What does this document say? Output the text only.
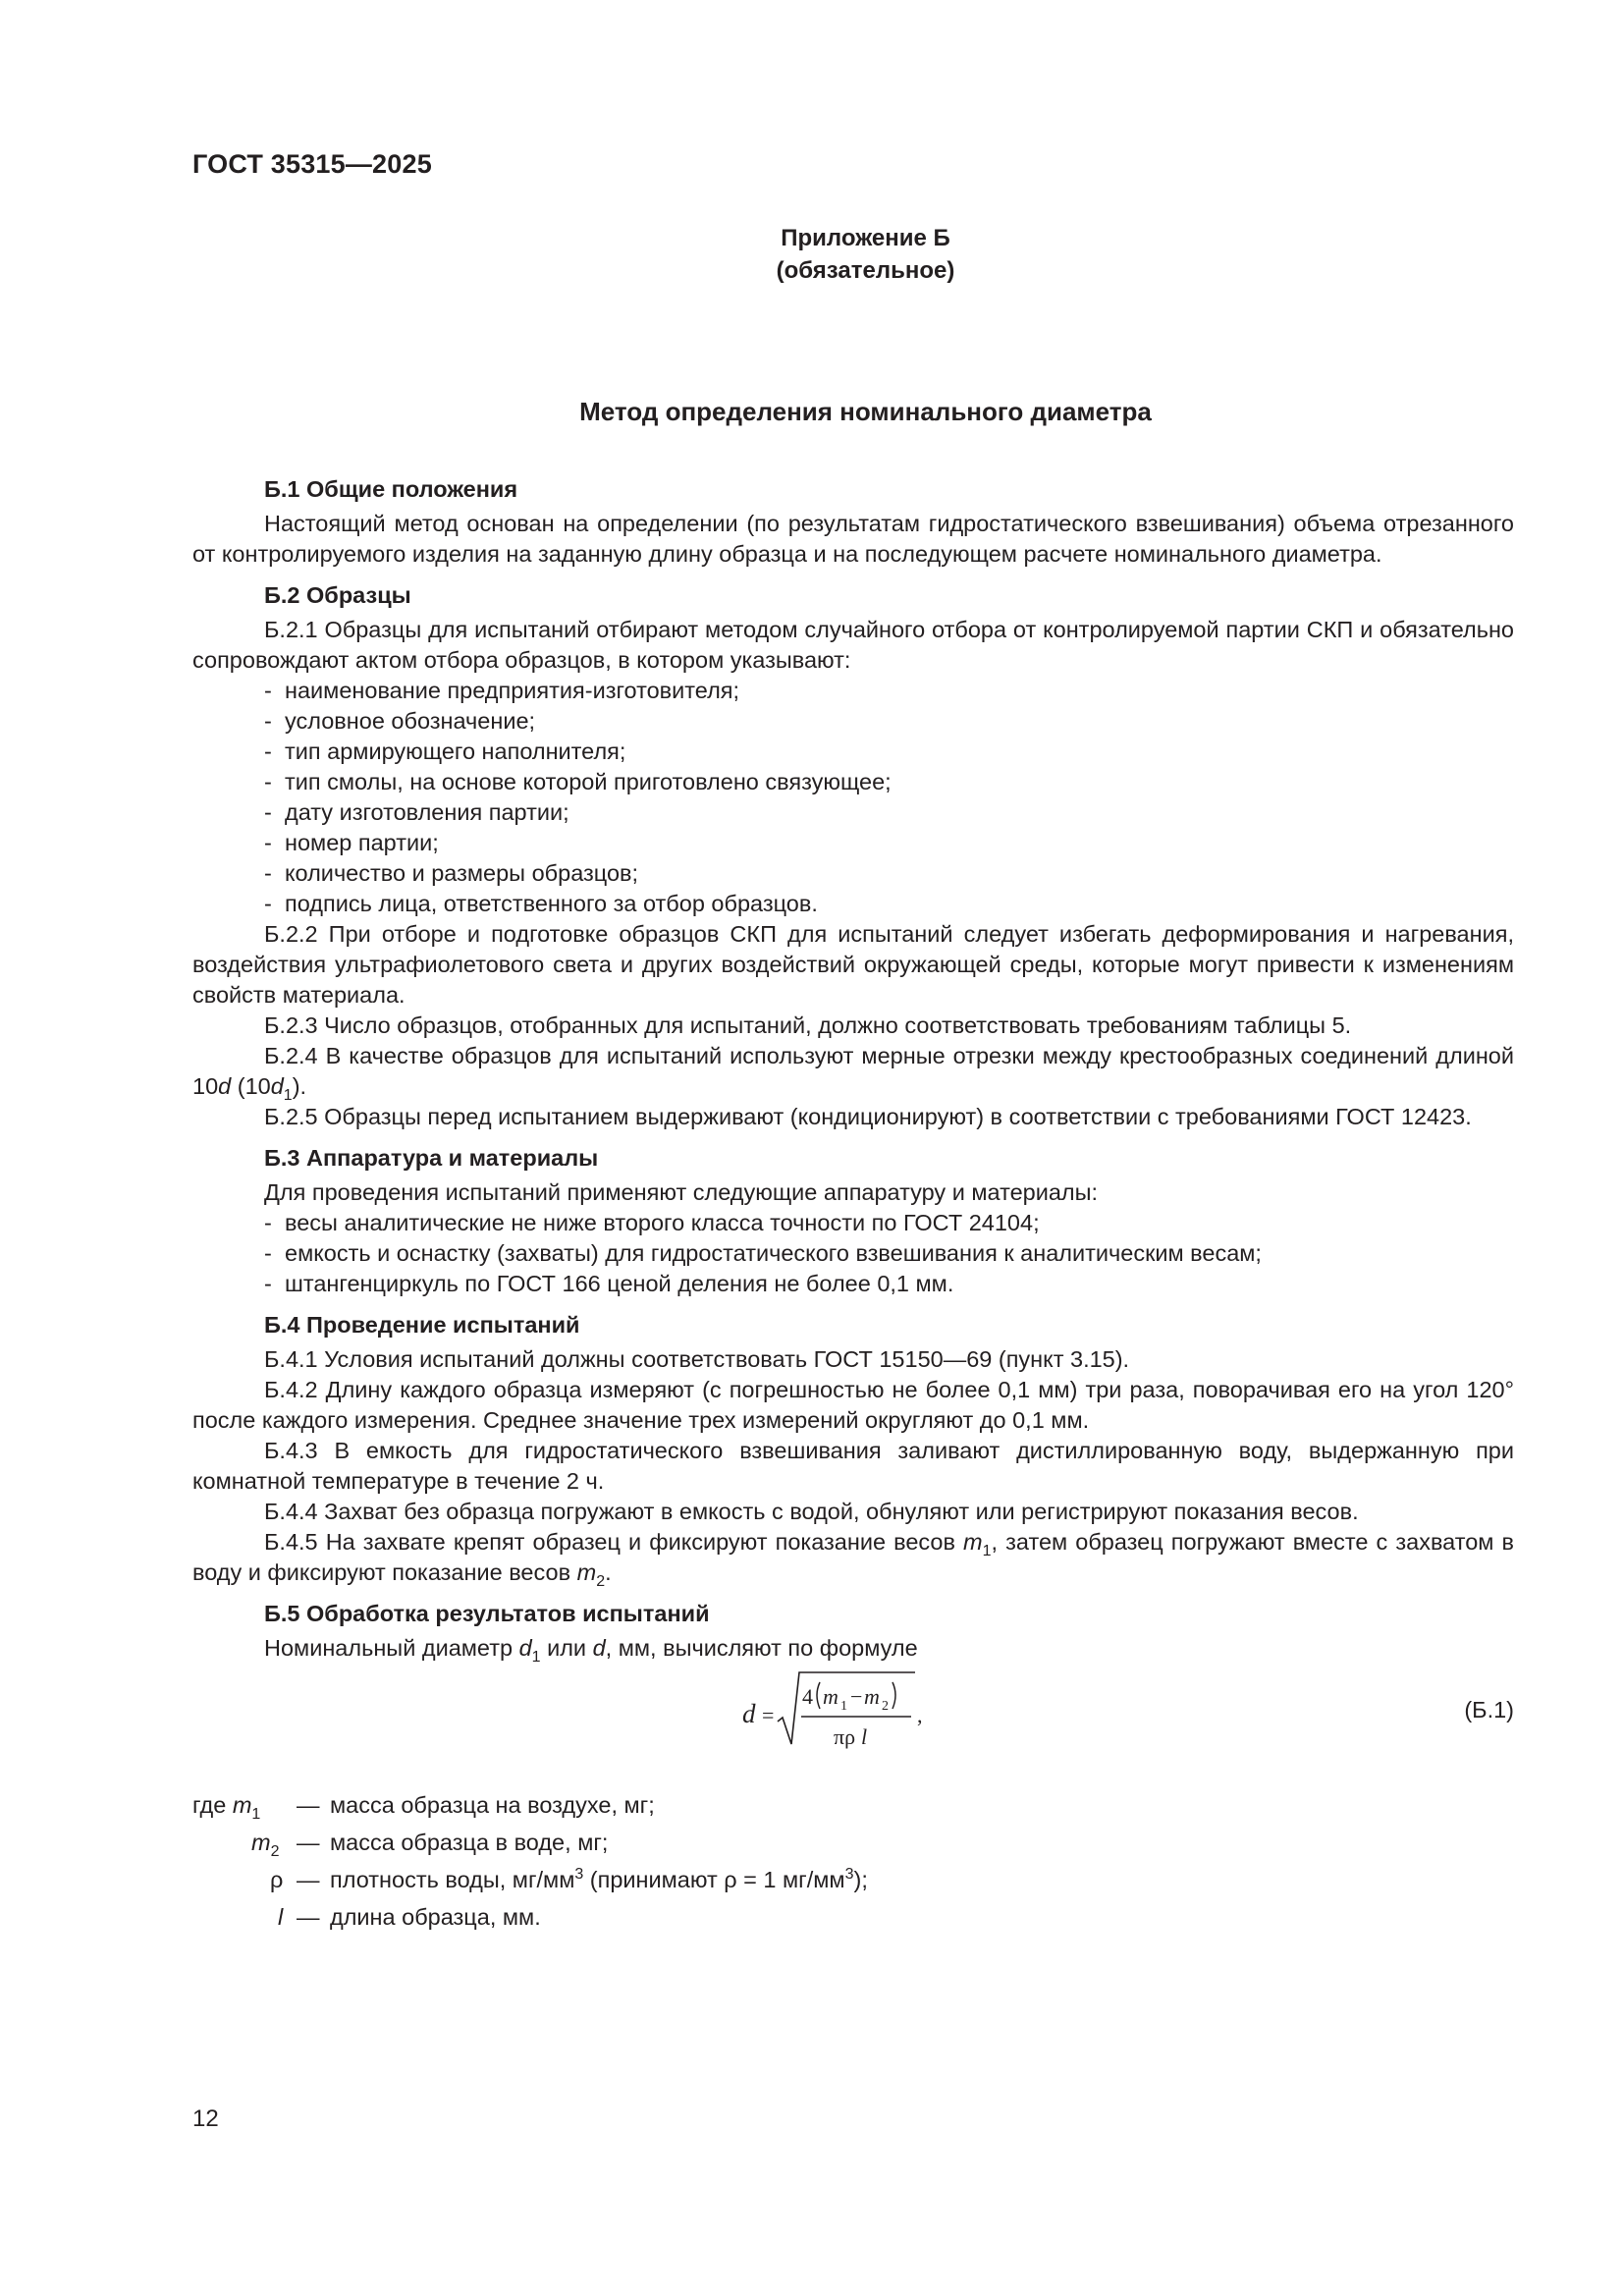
ГОСТ 35315—2025
Приложение Б
(обязательное)
Метод определения номинального диаметра
Б.1 Общие положения

Настоящий метод основан на определении (по результатам гидростатического взвешивания) объема отрезанного от контролируемого изделия на заданную длину образца и на последующем расчете номинального диаметра.

Б.2 Образцы

Б.2.1 Образцы для испытаний отбирают методом случайного отбора от контролируемой партии СКП и обязательно сопровождают актом отбора образцов, в котором указывают:

- наименование предприятия-изготовителя;
- условное обозначение;
- тип армирующего наполнителя;
- тип смолы, на основе которой приготовлено связующее;
- дату изготовления партии;
- номер партии;
- количество и размеры образцов;
- подпись лица, ответственного за отбор образцов.

Б.2.2 При отборе и подготовке образцов СКП для испытаний следует избегать деформирования и нагревания, воздействия ультрафиолетового света и других воздействий окружающей среды, которые могут привести к изменениям свойств материала.

Б.2.3 Число образцов, отобранных для испытаний, должно соответствовать требованиям таблицы 5.

Б.2.4 В качестве образцов для испытаний используют мерные отрезки между крестообразных соединений длиной 10d $(10d_1)$.

Б.2.5 Образцы перед испытанием выдерживают (кондиционируют) в соответствии с требованиями ГОСТ 12423.

Б.3 Аппаратура и материалы

Для проведения испытаний применяют следующие аппаратуру и материалы:

- весы аналитические не ниже второго класса точности по ГОСТ 24104;
- емкость и оснастку (захваты) для гидростатического взвешивания к аналитическим весам;
- штангенциркуль по ГОСТ 166 ценой деления не более 0,1 мм.
Б.4 Проведение испытаний

Б.4.1 Условия испытаний должны соответствовать ГОСТ 15150—69 (пункт 3.15).

Б.4.2 Длину каждого образца измеряют (с погрешностью не более 0,1 мм) три раза, поворачивая его на угол 120° после каждого измерения. Среднее значение трех измерений округляют до 0,1 мм.

Б.4.3 В емкость для гидростатического взвешивания заливают дистиллированную воду, выдержанную при комнатной температуре в течение 2 ч.

Б.4.4 Захват без образца погружают в емкость с водой, обнуляют или регистрируют показания весов.

Б.4.5 На захвате крепят образец и фиксируют показание весов $m_1$, затем образец погружают вместе с захватом в воду и фиксируют показание весов $m_2$.

Б.5 Обработка результатов испытаний

Номинальный диаметр $d_1$ или d, мм, вычисляют по формуле

d =
4 m 1 − m 2
πρ l
,	(Б.1)
где $m_1$ — масса образца на воздухе, мг;
$m_2$ — масса образца в воде, мг;
ρ — плотность воды, $мг/мм^3$ (принимают ρ = 1 $мг/мм^3$);
l — длина образца, мм.
12
